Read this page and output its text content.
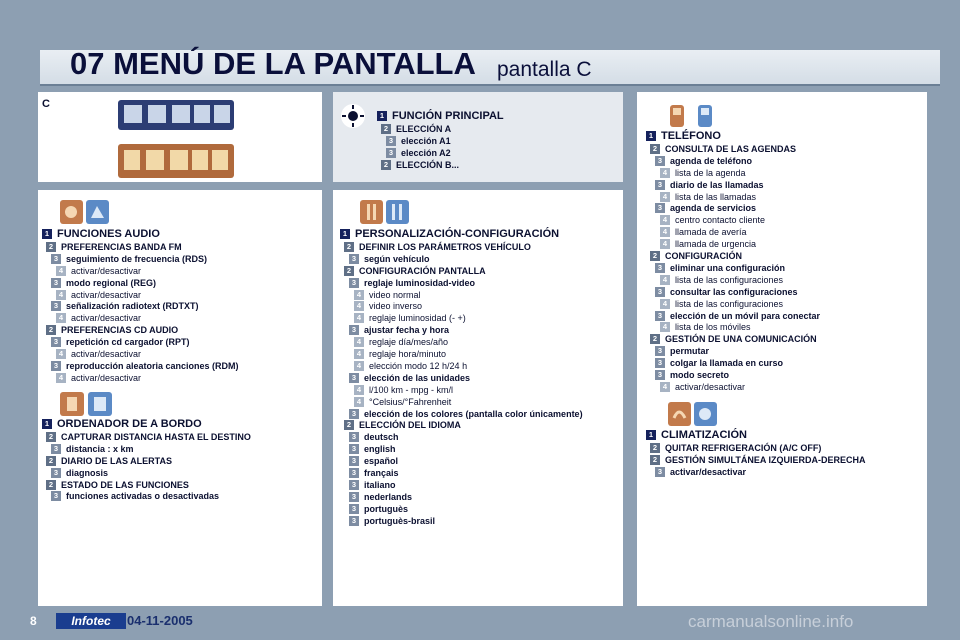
07 MENÚ DE LA PANTALLA pantalla C
C
1 FUNCIÓN PRINCIPAL
2 ELECCIÓN A
3 elección A1
3 elección A2
2 ELECCIÓN B...
1 FUNCIONES AUDIO
2 PREFERENCIAS BANDA FM
3 seguimiento de frecuencia (RDS)
4 activar/desactivar
3 modo regional (REG)
4 activar/desactivar
3 señalización radiotext (RDTXT)
4 activar/desactivar
2 PREFERENCIAS CD AUDIO
3 repetición cd cargador (RPT)
4 activar/desactivar
3 reproducción aleatoria canciones (RDM)
4 activar/desactivar
1 ORDENADOR DE A BORDO
2 CAPTURAR DISTANCIA HASTA EL DESTINO
3 distancia : x km
2 DIARIO DE LAS ALERTAS
3 diagnosis
2 ESTADO DE LAS FUNCIONES
3 funciones activadas o desactivadas
1 PERSONALIZACIÓN-CONFIGURACIÓN
2 DEFINIR LOS PARÁMETROS VEHÍCULO
3 según vehículo
2 CONFIGURACIÓN PANTALLA
3 reglaje luminosidad-video
4 video normal
4 video inverso
4 reglaje luminosidad (- +)
3 ajustar fecha y hora
4 reglaje día/mes/año
4 reglaje hora/minuto
4 elección modo 12 h/24 h
3 elección de las unidades
4 l/100 km - mpg - km/l
4 °Celsius/°Fahrenheit
3 elección de los colores (pantalla color únicamente)
2 ELECCIÓN DEL IDIOMA
3 deutsch
3 english
3 español
3 français
3 italiano
3 nederlands
3 portuguès
3 portuguès-brasil
1 TELÉFONO
2 CONSULTA DE LAS AGENDAS
3 agenda de teléfono
4 lista de la agenda
3 diario de las llamadas
4 lista de las llamadas
3 agenda de servicios
4 centro contacto cliente
4 llamada de avería
4 llamada de urgencia
2 CONFIGURACIÓN
3 eliminar una configuración
4 lista de las configuraciones
3 consultar las configuraciones
4 lista de las configuraciones
3 elección de un móvil para conectar
4 lista de los móviles
2 GESTIÓN DE UNA COMUNICACIÓN
3 permutar
3 colgar la llamada en curso
3 modo secreto
4 activar/desactivar
1 CLIMATIZACIÓN
2 QUITAR REFRIGERACIÓN (A/C OFF)
2 GESTIÓN SIMULTÁNEA IZQUIERDA-DERECHA
3 activar/desactivar
8	Infotec	04-11-2005	carmanualsonline.info
